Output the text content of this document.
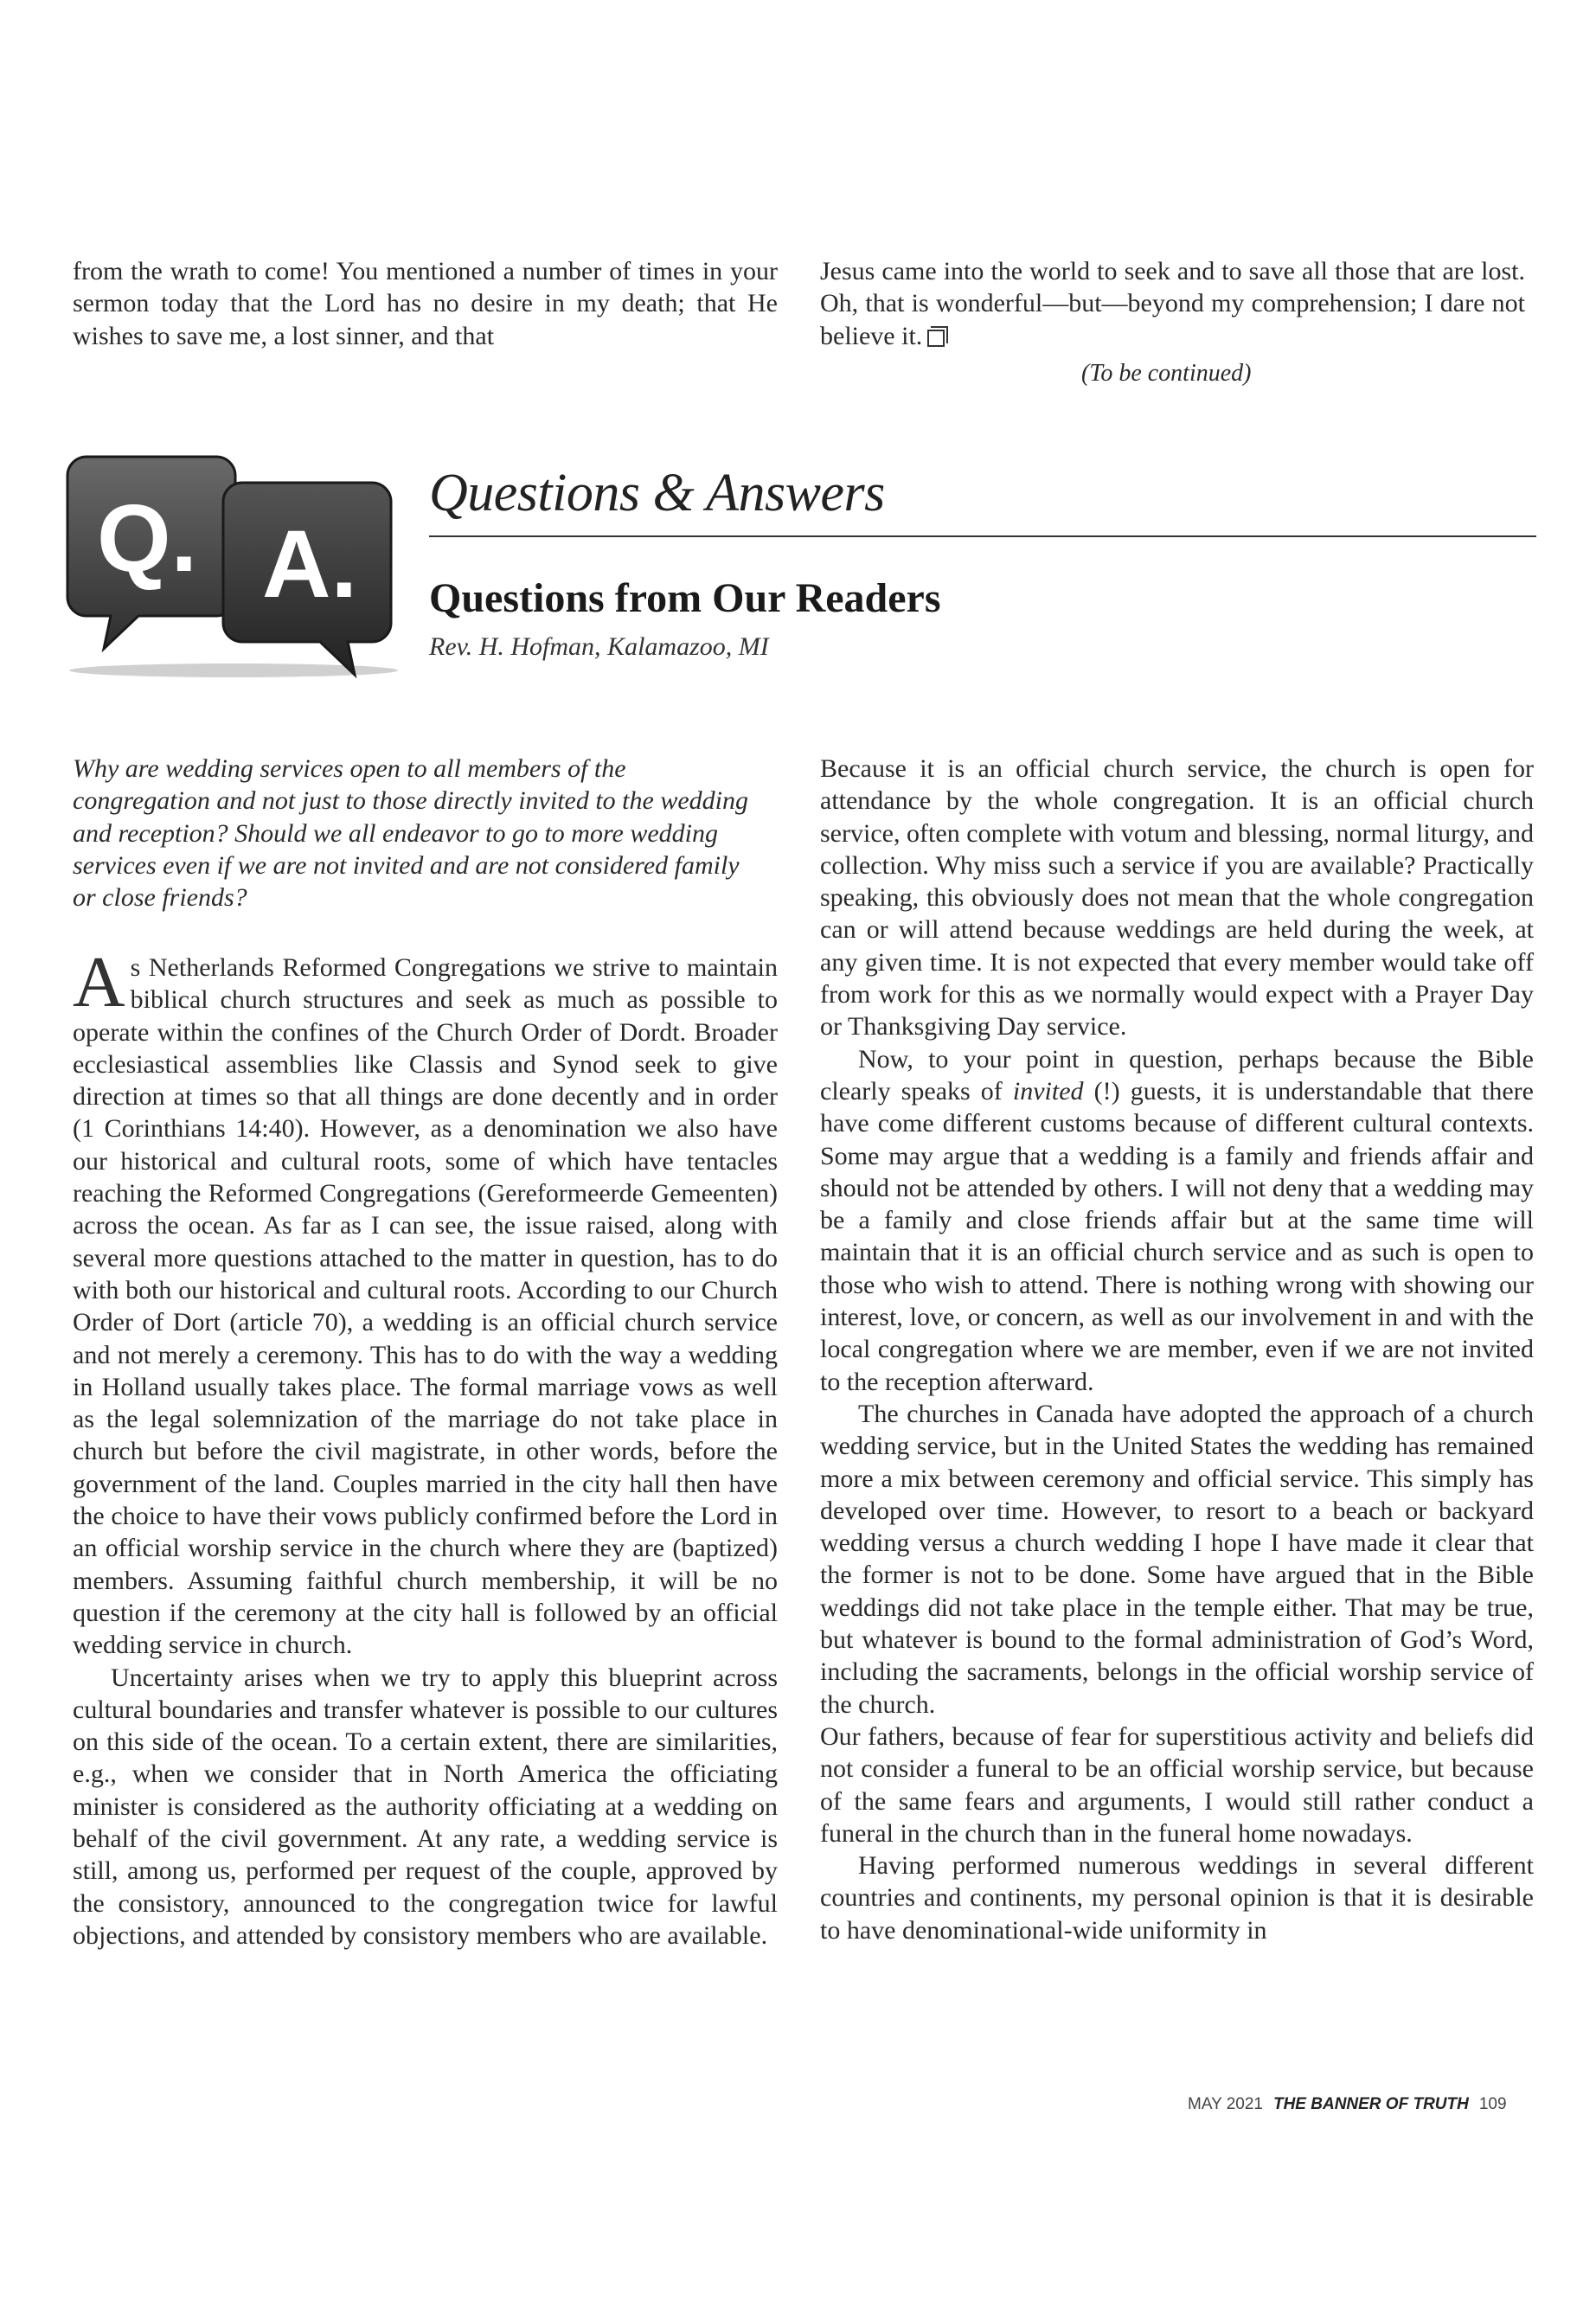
from the wrath to come! You mentioned a number of times in your sermon today that the Lord has no desire in my death; that He wishes to save me, a lost sinner, and that

Jesus came into the world to seek and to save all those that are lost. Oh, that is wonderful—but—beyond my comprehension; I dare not believe it.

(To be continued)
Q. A.
Questions & Answers
Questions from Our Readers
Rev. H. Hofman, Kalamazoo, MI
Why are wedding services open to all members of the congregation and not just to those directly invited to the wedding and reception? Should we all endeavor to go to more wedding services even if we are not invited and are not considered family or close friends?

As Netherlands Reformed Congregations we strive to maintain biblical church structures and seek as much as possible to operate within the confines of the Church Order of Dordt. Broader ecclesiastical assemblies like Classis and Synod seek to give direction at times so that all things are done decently and in order (1 Corinthians 14:40). However, as a denomination we also have our historical and cultural roots, some of which have tentacles reaching the Reformed Congregations (Gereformeerde Gemeenten) across the ocean. As far as I can see, the issue raised, along with several more questions attached to the matter in question, has to do with both our historical and cultural roots. According to our Church Order of Dort (article 70), a wedding is an official church service and not merely a ceremony. This has to do with the way a wedding in Holland usually takes place. The formal marriage vows as well as the legal solemnization of the marriage do not take place in church but before the civil magistrate, in other words, before the government of the land. Couples married in the city hall then have the choice to have their vows publicly confirmed before the Lord in an official worship service in the church where they are (baptized) members. Assuming faithful church membership, it will be no question if the ceremony at the city hall is followed by an official wedding service in church.

Uncertainty arises when we try to apply this blueprint across cultural boundaries and transfer whatever is possible to our cultures on this side of the ocean. To a certain extent, there are similarities, e.g., when we consider that in North America the officiating minister is considered as the authority officiating at a wedding on behalf of the civil government. At any rate, a wedding service is still, among us, performed per request of the couple, approved by the consistory, announced to the congregation twice for lawful objections, and attended by consistory members who are available.

Because it is an official church service, the church is open for attendance by the whole congregation. It is an official church service, often complete with votum and blessing, normal liturgy, and collection. Why miss such a service if you are available? Practically speaking, this obviously does not mean that the whole congregation can or will attend because weddings are held during the week, at any given time. It is not expected that every member would take off from work for this as we normally would expect with a Prayer Day or Thanksgiving Day service.

Now, to your point in question, perhaps because the Bible clearly speaks of invited (!) guests, it is understandable that there have come different customs because of different cultural contexts. Some may argue that a wedding is a family and friends affair and should not be attended by others. I will not deny that a wedding may be a family and close friends affair but at the same time will maintain that it is an official church service and as such is open to those who wish to attend. There is nothing wrong with showing our interest, love, or concern, as well as our involvement in and with the local congregation where we are member, even if we are not invited to the reception afterward.

The churches in Canada have adopted the approach of a church wedding service, but in the United States the wedding has remained more a mix between ceremony and official service. This simply has developed over time. However, to resort to a beach or backyard wedding versus a church wedding I hope I have made it clear that the former is not to be done. Some have argued that in the Bible weddings did not take place in the temple either. That may be true, but whatever is bound to the formal administration of God’s Word, including the sacraments, belongs in the official worship service of the church.

Our fathers, because of fear for superstitious activity and beliefs did not consider a funeral to be an official worship service, but because of the same fears and arguments, I would still rather conduct a funeral in the church than in the funeral home nowadays.

Having performed numerous weddings in several different countries and continents, my personal opinion is that it is desirable to have denominational-wide uniformity in

MAY 2021 THE BANNER OF TRUTH 109
